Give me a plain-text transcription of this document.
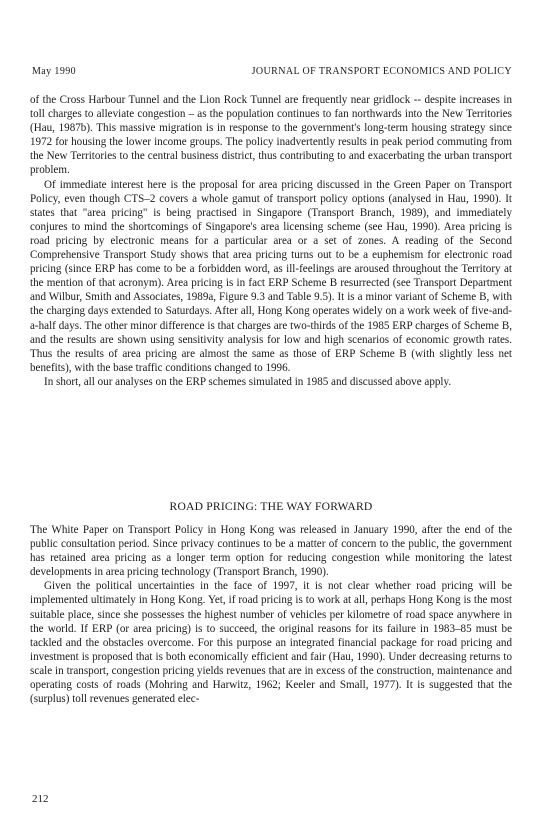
May 1990	JOURNAL OF TRANSPORT ECONOMICS AND POLICY

of the Cross Harbour Tunnel and the Lion Rock Tunnel are frequently near gridlock -- despite increases in toll charges to alleviate congestion – as the population continues to fan northwards into the New Territories (Hau, 1987b). This massive migration is in response to the government's long-term housing strategy since 1972 for housing the lower income groups. The policy inadvertently results in peak period commuting from the New Territories to the central business district, thus contributing to and exacerbating the urban transport problem.

Of immediate interest here is the proposal for area pricing discussed in the Green Paper on Transport Policy, even though CTS–2 covers a whole gamut of transport policy options (analysed in Hau, 1990). It states that "area pricing" is being practised in Singapore (Transport Branch, 1989), and immediately conjures to mind the shortcomings of Singapore's area licensing scheme (see Hau, 1990). Area pricing is road pricing by electronic means for a particular area or a set of zones. A reading of the Second Comprehensive Transport Study shows that area pricing turns out to be a euphemism for electronic road pricing (since ERP has come to be a forbidden word, as ill-feelings are aroused throughout the Territory at the mention of that acronym). Area pricing is in fact ERP Scheme B resurrected (see Transport Department and Wilbur, Smith and Associates, 1989a, Figure 9.3 and Table 9.5). It is a minor variant of Scheme B, with the charging days extended to Saturdays. After all, Hong Kong operates widely on a work week of five-and-a-half days. The other minor difference is that charges are two-thirds of the 1985 ERP charges of Scheme B, and the results are shown using sensitivity analysis for low and high scenarios of economic growth rates. Thus the results of area pricing are almost the same as those of ERP Scheme B (with slightly less net benefits), with the base traffic conditions changed to 1996.

In short, all our analyses on the ERP schemes simulated in 1985 and discussed above apply.

ROAD PRICING: THE WAY FORWARD

The White Paper on Transport Policy in Hong Kong was released in January 1990, after the end of the public consultation period. Since privacy continues to be a matter of concern to the public, the government has retained area pricing as a longer term option for reducing congestion while monitoring the latest developments in area pricing technology (Transport Branch, 1990).

Given the political uncertainties in the face of 1997, it is not clear whether road pricing will be implemented ultimately in Hong Kong. Yet, if road pricing is to work at all, perhaps Hong Kong is the most suitable place, since she possesses the highest number of vehicles per kilometre of road space anywhere in the world. If ERP (or area pricing) is to succeed, the original reasons for its failure in 1983–85 must be tackled and the obstacles overcome. For this purpose an integrated financial package for road pricing and investment is proposed that is both economically efficient and fair (Hau, 1990). Under decreasing returns to scale in transport, congestion pricing yields revenues that are in excess of the construction, maintenance and operating costs of roads (Mohring and Harwitz, 1962; Keeler and Small, 1977). It is suggested that the (surplus) toll revenues generated elec-

212
